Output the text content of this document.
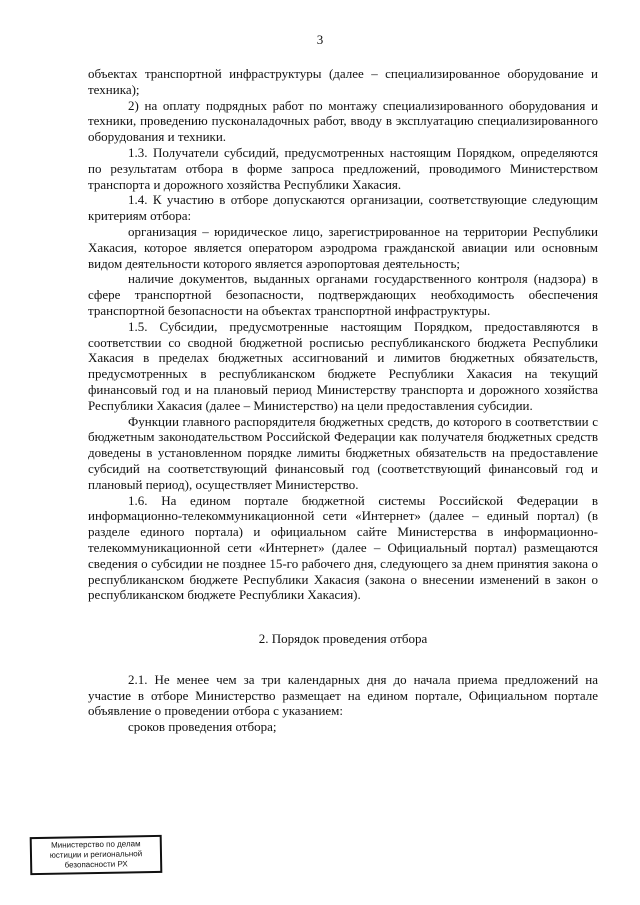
3

объектах транспортной инфраструктуры (далее – специализированное оборудование и техника);

2) на оплату подрядных работ по монтажу специализированного оборудования и техники, проведению пусконаладочных работ, вводу в эксплуатацию специализированного оборудования и техники.

1.3. Получатели субсидий, предусмотренных настоящим Порядком, определяются по результатам отбора в форме запроса предложений, проводимого Министерством транспорта и дорожного хозяйства Республики Хакасия.

1.4. К участию в отборе допускаются организации, соответствующие следующим критериям отбора:

организация – юридическое лицо, зарегистрированное на территории Республики Хакасия, которое является оператором аэродрома гражданской авиации или основным видом деятельности которого является аэропортовая деятельность;

наличие документов, выданных органами государственного контроля (надзора) в сфере транспортной безопасности, подтверждающих необходимость обеспечения транспортной безопасности на объектах транспортной инфраструктуры.

1.5. Субсидии, предусмотренные настоящим Порядком, предоставляются в соответствии со сводной бюджетной росписью республиканского бюджета Республики Хакасия в пределах бюджетных ассигнований и лимитов бюджетных обязательств, предусмотренных в республиканском бюджете Республики Хакасия на текущий финансовый год и на плановый период Министерству транспорта и дорожного хозяйства Республики Хакасия (далее – Министерство) на цели предоставления субсидии.

Функции главного распорядителя бюджетных средств, до которого в соответствии с бюджетным законодательством Российской Федерации как получателя бюджетных средств доведены в установленном порядке лимиты бюджетных обязательств на предоставление субсидий на соответствующий финансовый год (соответствующий финансовый год и плановый период), осуществляет Министерство.

1.6. На едином портале бюджетной системы Российской Федерации в информационно-телекоммуникационной сети «Интернет» (далее – единый портал) (в разделе единого портала) и официальном сайте Министерства в информационно-телекоммуникационной сети «Интернет» (далее – Официальный портал) размещаются сведения о субсидии не позднее 15-го рабочего дня, следующего за днем принятия закона о республиканском бюджете Республики Хакасия (закона о внесении изменений в закон о республиканском бюджете Республики Хакасия).

2. Порядок проведения отбора

2.1. Не менее чем за три календарных дня до начала приема предложений на участие в отборе Министерство размещает на едином портале, Официальном портале объявление о проведении отбора с указанием:

сроков проведения отбора;

Министерство по делам
юстиции и региональной
безопасности РХ
